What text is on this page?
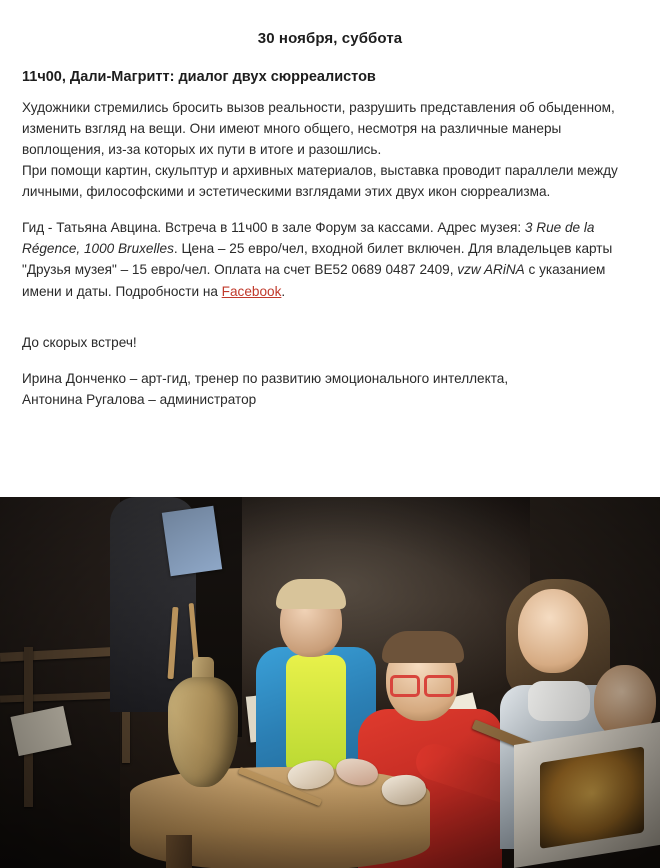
30 ноября, суббота
11ч00, Дали-Магритт: диалог двух сюрреалистов

Художники стремились бросить вызов реальности, разрушить представления об обыденном, изменить взгляд на вещи. Они имеют много общего, несмотря на различные манеры воплощения, из-за которых их пути в итоге и разошлись.

При помощи картин, скульптур и архивных материалов, выставка проводит параллели между личными, философскими и эстетическими взглядами этих двух икон сюрреализма.

Гид - Татьяна Авцина. Встреча в 11ч00 в зале Форум за кассами. Адрес музея: 3 Rue de la Régence, 1000 Bruxelles. Цена – 25 евро/чел, входной билет включен. Для владельцев карты "Друзья музея" – 15 евро/чел. Оплата на счет BE52 0689 0487 2409, vzw ARiNA с указанием имени и даты. Подробности на Facebook.

До скорых встреч!

Ирина Донченко – арт-гид, тренер по развитию эмоционального интеллекта,

Антонина Ругалова – администратор
